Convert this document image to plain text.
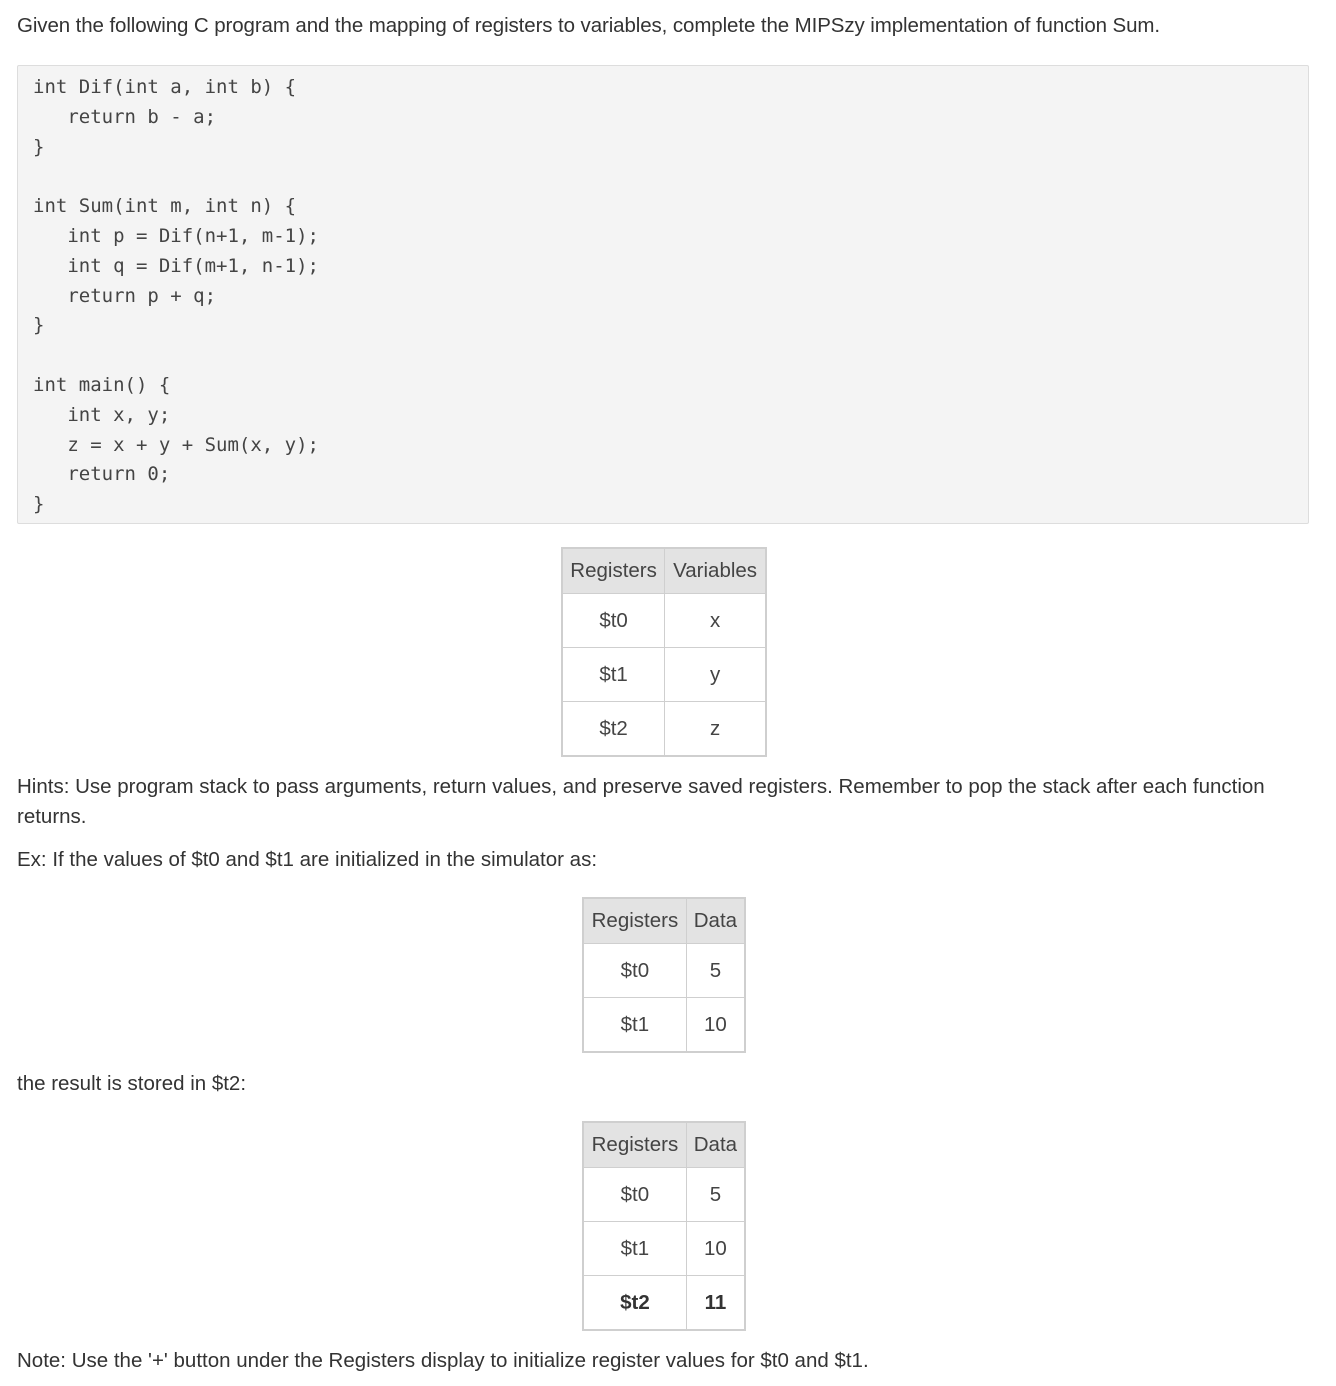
Given the following C program and the mapping of registers to variables, complete the MIPSzy implementation of function Sum.

int Dif(int a, int b) {
return b - a;
}
int Sum(int m, int n) {
int p = Dif(n+1, m-1);
int q = Dif(m+1, n-1);
return p + q;
}
int main() {
int x, y;
z = x + y + Sum(x, y);
return 0;
}
Registers	Variables
$t0	x
$t1	y
$t2	z

Hints: Use program stack to pass arguments, return values, and preserve saved registers. Remember to pop the stack after each function returns.

Ex: If the values of $t0 and $t1 are initialized in the simulator as:

Registers	Data
$t0	5
$t1	10

the result is stored in $t2:

Registers	Data
$t0	5
$t1	10
$t2	11

Note: Use the '+' button under the Registers display to initialize register values for $t0 and $t1.
